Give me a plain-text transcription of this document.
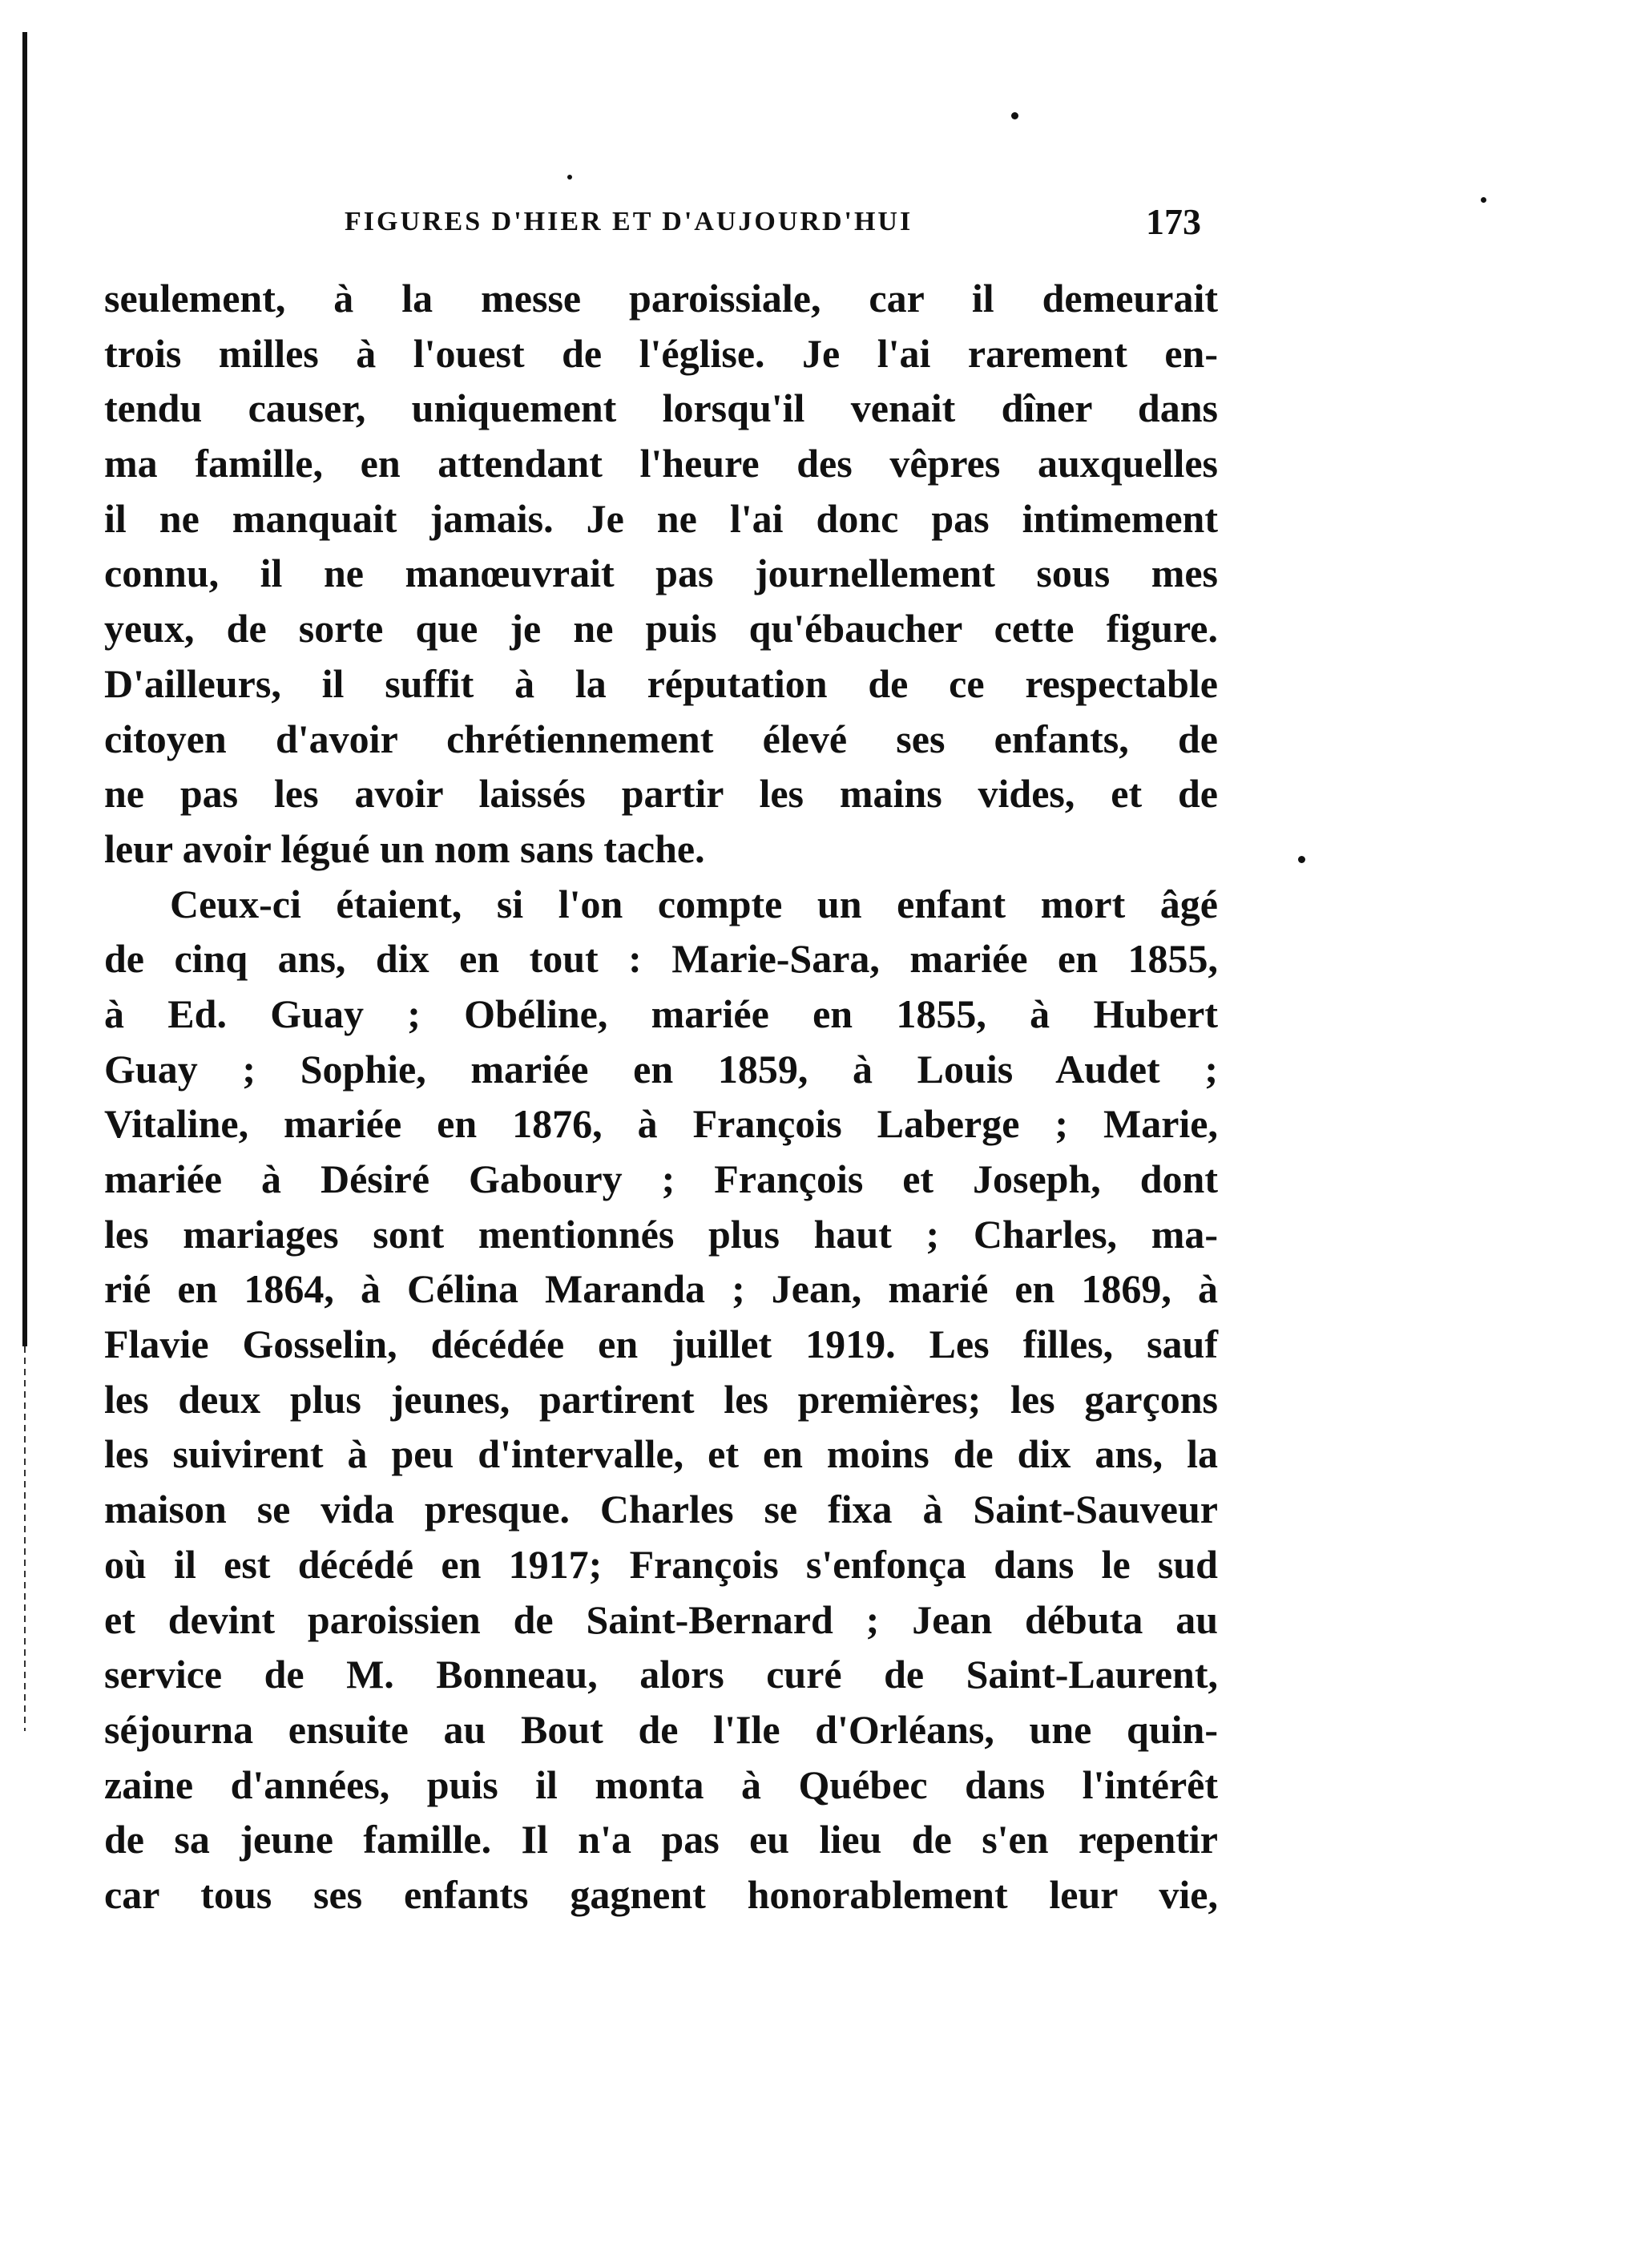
FIGURES D'HIER ET D'AUJOURD'HUI	173
seulement, à la messe paroissiale, car il demeurait
trois milles à l'ouest de l'église. Je l'ai rarement en-
tendu causer, uniquement lorsqu'il venait dîner dans
ma famille, en attendant l'heure des vêpres auxquelles
il ne manquait jamais. Je ne l'ai donc pas intimement
connu, il ne manœuvrait pas journellement sous mes
yeux, de sorte que je ne puis qu'ébaucher cette figure.
D'ailleurs, il suffit à la réputation de ce respectable
citoyen d'avoir chrétiennement élevé ses enfants, de
ne pas les avoir laissés partir les mains vides, et de
leur avoir légué un nom sans tache.
Ceux-ci étaient, si l'on compte un enfant mort âgé
de cinq ans, dix en tout : Marie-Sara, mariée en 1855,
à Ed. Guay ; Obéline, mariée en 1855, à Hubert
Guay ; Sophie, mariée en 1859, à Louis Audet ;
Vitaline, mariée en 1876, à François Laberge ; Marie,
mariée à Désiré Gaboury ; François et Joseph, dont
les mariages sont mentionnés plus haut ; Charles, ma-
rié en 1864, à Célina Maranda ; Jean, marié en 1869, à
Flavie Gosselin, décédée en juillet 1919. Les filles, sauf
les deux plus jeunes, partirent les premières; les garçons
les suivirent à peu d'intervalle, et en moins de dix ans, la
maison se vida presque. Charles se fixa à Saint-Sauveur
où il est décédé en 1917; François s'enfonça dans le sud
et devint paroissien de Saint-Bernard ; Jean débuta au
service de M. Bonneau, alors curé de Saint-Laurent,
séjourna ensuite au Bout de l'Ile d'Orléans, une quin-
zaine d'années, puis il monta à Québec dans l'intérêt
de sa jeune famille. Il n'a pas eu lieu de s'en repentir
car tous ses enfants gagnent honorablement leur vie,
